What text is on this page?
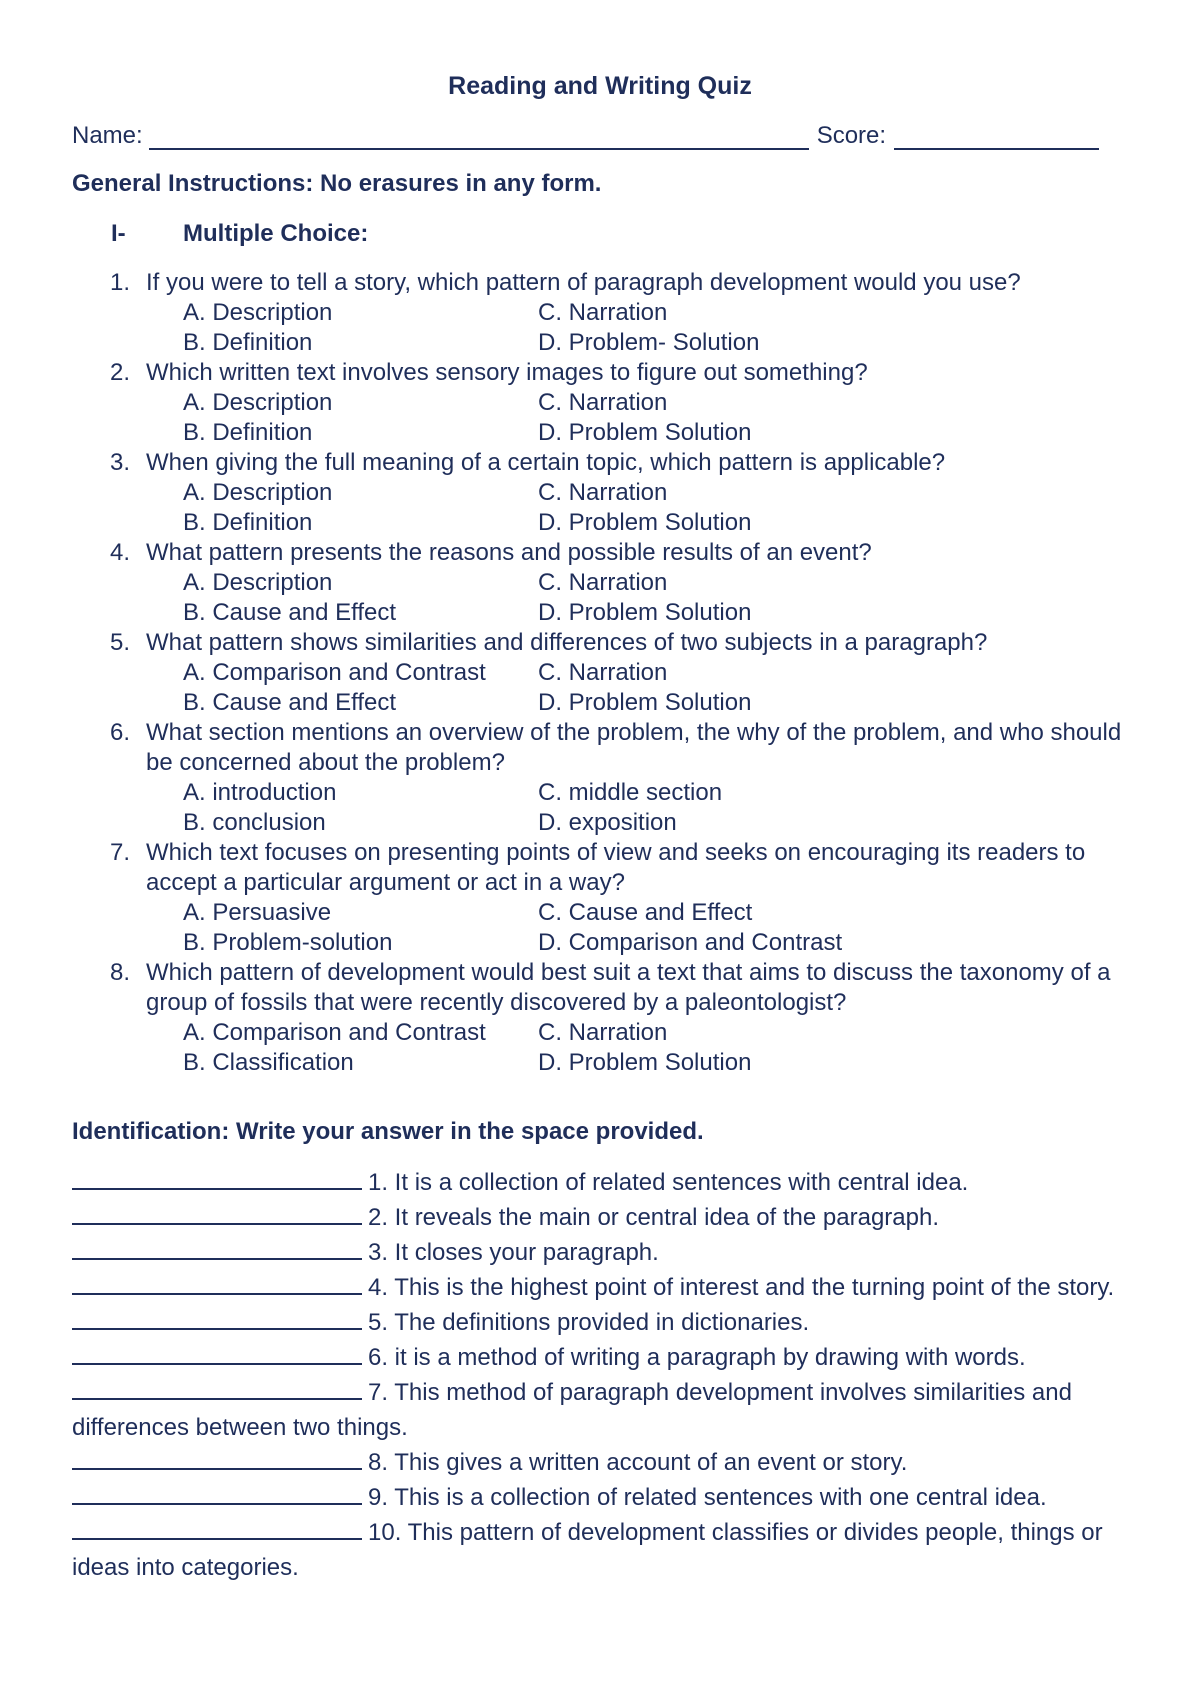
Reading and Writing Quiz
Name:	Score:
General Instructions: No erasures in any form.
I- Multiple Choice:
1. If you were to tell a story, which pattern of paragraph development would you use?
A. Description	C. Narration
B. Definition	D. Problem- Solution
2. Which written text involves sensory images to figure out something?
A. Description	C. Narration
B. Definition	D. Problem Solution
3. When giving the full meaning of a certain topic, which pattern is applicable?
A. Description	C. Narration
B. Definition	D. Problem Solution
4. What pattern presents the reasons and possible results of an event?
A. Description	C. Narration
B. Cause and Effect	D. Problem Solution
5. What pattern shows similarities and differences of two subjects in a paragraph?
A. Comparison and Contrast	C. Narration
B. Cause and Effect	D. Problem Solution
6. What section mentions an overview of the problem, the why of the problem, and who should be concerned about the problem?
A. introduction	C. middle section
B. conclusion	D. exposition
7. Which text focuses on presenting points of view and seeks on encouraging its readers to accept a particular argument or act in a way?
A. Persuasive	C. Cause and Effect
B. Problem-solution	D. Comparison and Contrast
8. Which pattern of development would best suit a text that aims to discuss the taxonomy of a group of fossils that were recently discovered by a paleontologist?
A. Comparison and Contrast	C. Narration
B. Classification	D. Problem Solution
Identification: Write your answer in the space provided.
1. It is a collection of related sentences with central idea.
2. It reveals the main or central idea of the paragraph.
3. It closes your paragraph.
4. This is the highest point of interest and the turning point of the story.
5. The definitions provided in dictionaries.
6. it is a method of writing a paragraph by drawing with words.
7. This method of paragraph development involves similarities and differences between two things.
8. This gives a written account of an event or story.
9. This is a collection of related sentences with one central idea.
10. This pattern of development classifies or divides people, things or ideas into categories.
